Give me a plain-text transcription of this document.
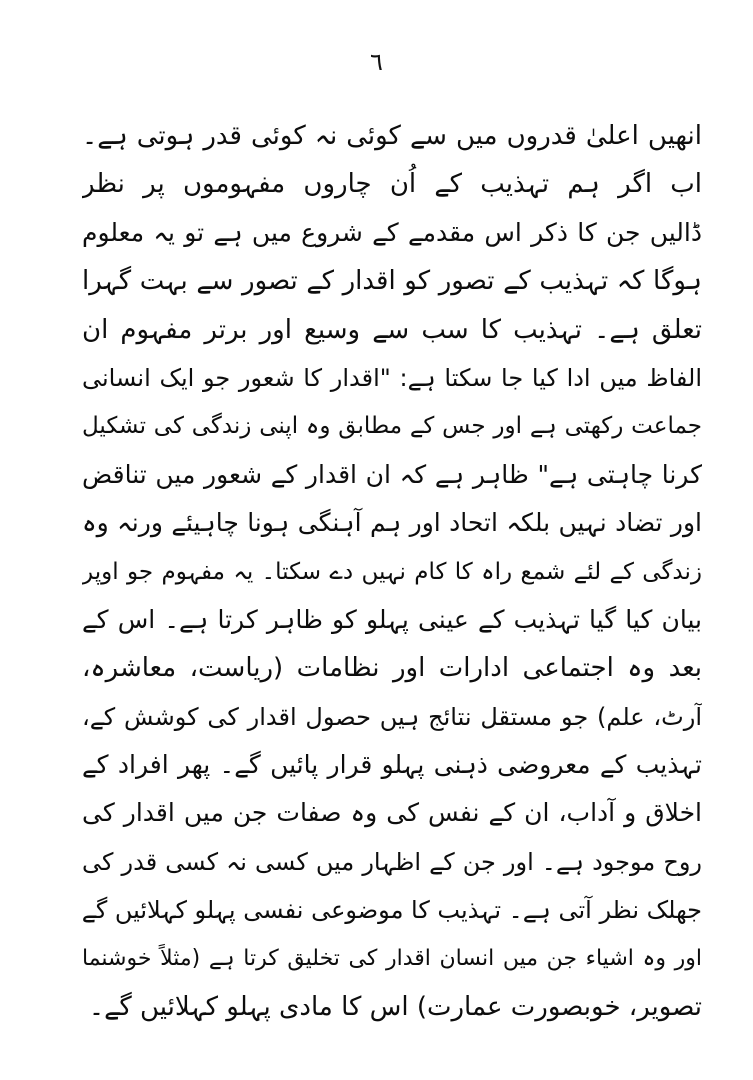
٦
انھیں اعلیٰ قدروں میں سے کوئی نہ کوئی قدر ہوتی ہے۔
اب اگر ہم تہذیب کے اُن چاروں مفہوموں پر نظر
ڈالیں جن کا ذکر اس مقدمے کے شروع میں ہے تو یہ معلوم
ہوگا کہ تہذیب کے تصور کو اقدار کے تصور سے بہت گہرا
تعلق ہے۔ تہذیب کا سب سے وسیع اور برتر مفہوم ان
الفاظ میں ادا کیا جا سکتا ہے: "اقدار کا شعور جو ایک انسانی
جماعت رکھتی ہے اور جس کے مطابق وہ اپنی زندگی کی تشکیل
کرنا چاہتی ہے" ظاہر ہے کہ ان اقدار کے شعور میں تناقض
اور تضاد نہیں بلکہ اتحاد اور ہم آہنگی ہونا چاہیئے ورنہ وہ
زندگی کے لئے شمع راہ کا کام نہیں دے سکتا۔ یہ مفہوم جو اوپر
بیان کیا گیا تہذیب کے عینی پہلو کو ظاہر کرتا ہے۔ اس کے
بعد وہ اجتماعی ادارات اور نظامات (ریاست، معاشرہ،
آرٹ، علم) جو مستقل نتائج ہیں حصول اقدار کی کوشش کے،
تہذیب کے معروضی ذہنی پہلو قرار پائیں گے۔ پھر افراد کے
اخلاق و آداب، ان کے نفس کی وہ صفات جن میں اقدار کی
روح موجود ہے۔ اور جن کے اظہار میں کسی نہ کسی قدر کی
جھلک نظر آتی ہے۔ تہذیب کا موضوعی نفسی پہلو کہلائیں گے
اور وہ اشیاء جن میں انسان اقدار کی تخلیق کرتا ہے (مثلاً خوشنما
تصویر، خوبصورت عمارت) اس کا مادی پہلو کہلائیں گے۔
